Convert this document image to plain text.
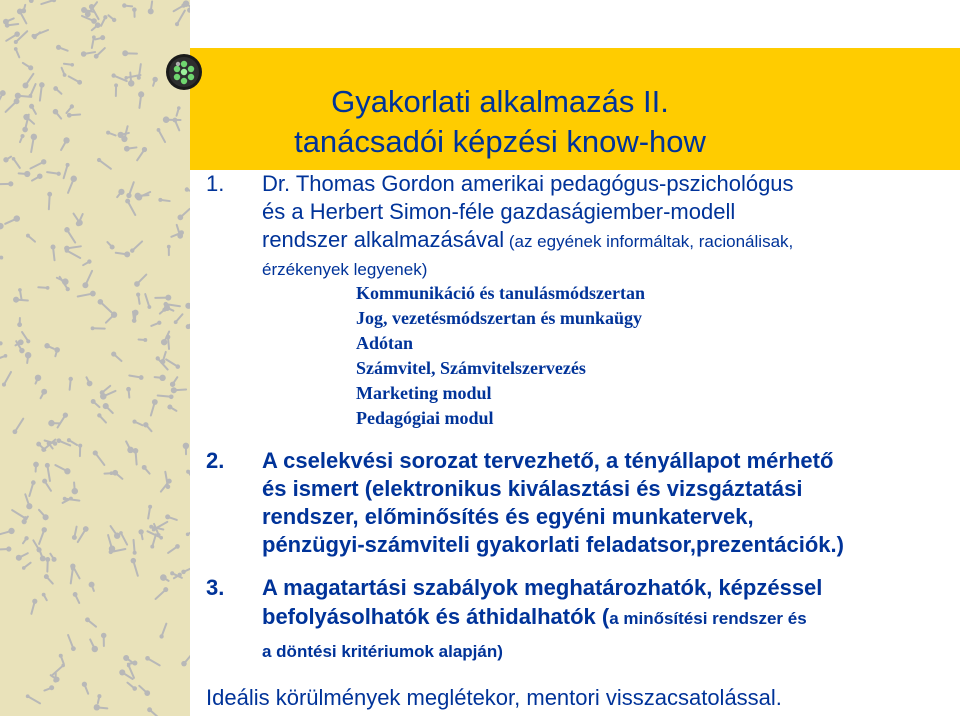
Gyakorlati alkalmazás II.
tanácsadói képzési know-how
1. Dr. Thomas Gordon amerikai pedagógus-pszichológus
és a Herbert Simon-féle gazdaságiember-modell
rendszer alkalmazásával (az egyének informáltak, racionálisak,
érzékenyek legyenek)
Kommunikáció és tanulásmódszertan
Jog, vezetésmódszertan és munkaügy
Adótan
Számvitel, Számvitelszervezés
Marketing modul
Pedagógiai modul
2. A cselekvési sorozat tervezhető, a tényállapot mérhető
és ismert (elektronikus kiválasztási és vizsgáztatási
rendszer, előminősítés és egyéni munkatervek,
pénzügyi-számviteli gyakorlati feladatsor,prezentációk.)
3. A magatartási szabályok meghatározhatók, képzéssel
befolyásolhatók és áthidalhatók (a minősítési rendszer és
a döntési kritériumok alapján)
Ideális körülmények meglétekor, mentori visszacsatolással.
